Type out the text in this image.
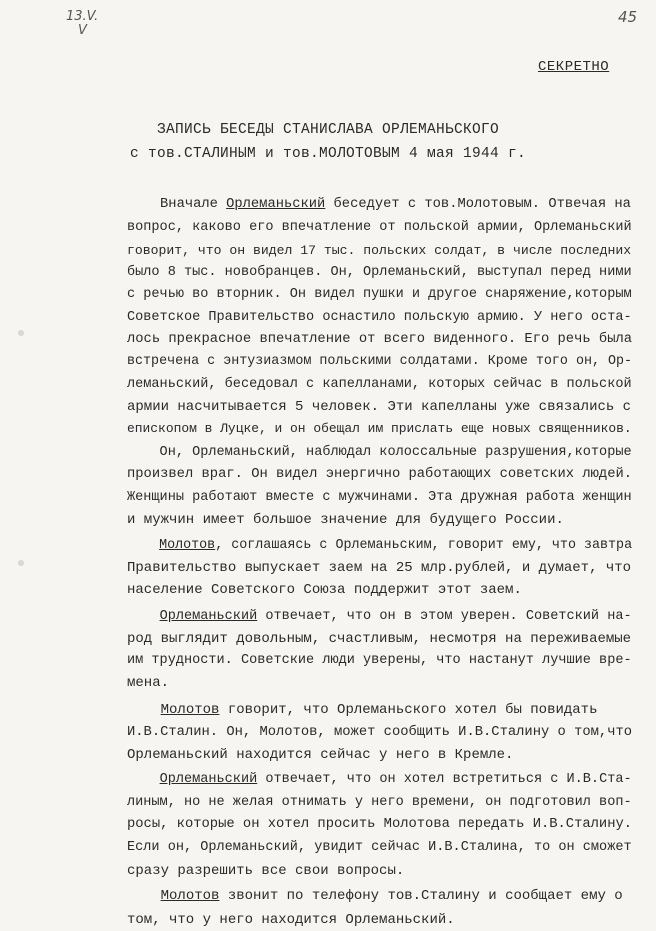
13.V.
V
45
СЕКРЕТНО
ЗАПИСЬ БЕСЕДЫ СТАНИСЛАВА ОРЛЕМАНЬСКОГО
с тов.СТАЛИНЫМ и тов.МОЛОТОВЫМ 4 мая 1944 г.
Вначале Орлеманьский беседует с тов.Молотовым. Отвечая на
вопрос, каково его впечатление от польской армии, Орлеманьский
говорит, что он видел 17 тыс. польских солдат, в числе последних
было 8 тыс. новобранцев. Он, Орлеманьский, выступал перед ними
с речью во вторник. Он видел пушки и другое снаряжение,которым
Советское Правительство оснастило польскую армию. У него оста-
лось прекрасное впечатление от всего виденного. Его речь была
встречена с энтузиазмом польскими солдатами. Кроме того он, Ор-
леманьский, беседовал с капелланами, которых сейчас в польской
армии насчитывается 5 человек. Эти капелланы уже связались с
епископом в Луцке, и он обещал им прислать еще новых священников.
Он, Орлеманьский, наблюдал колоссальные разрушения,которые
произвел враг. Он видел энергично работающих советских людей.
Женщины работают вместе с мужчинами. Эта дружная работа женщин
и мужчин имеет большое значение для будущего России.
Молотов, соглашаясь с Орлеманьским, говорит ему, что завтра
Правительство выпускает заем на 25 млр.рублей, и думает, что
население Советского Союза поддержит этот заем.
Орлеманьский отвечает, что он в этом уверен. Советский на-
род выглядит довольным, счастливым, несмотря на переживаемые
им трудности. Советские люди уверены, что настанут лучшие вре-
мена.
Молотов говорит, что Орлеманьского хотел бы повидать
И.В.Сталин. Он, Молотов, может сообщить И.В.Сталину о том,что
Орлеманьский находится сейчас у него в Кремле.
Орлеманьский отвечает, что он хотел встретиться с И.В.Ста-
линым, но не желая отнимать у него времени, он подготовил воп-
росы, которые он хотел просить Молотова передать И.В.Сталину.
Если он, Орлеманьский, увидит сейчас И.В.Сталина, то он сможет
сразу разрешить все свои вопросы.
Молотов звонит по телефону тов.Сталину и сообщает ему о
том, что у него находится Орлеманьский.
